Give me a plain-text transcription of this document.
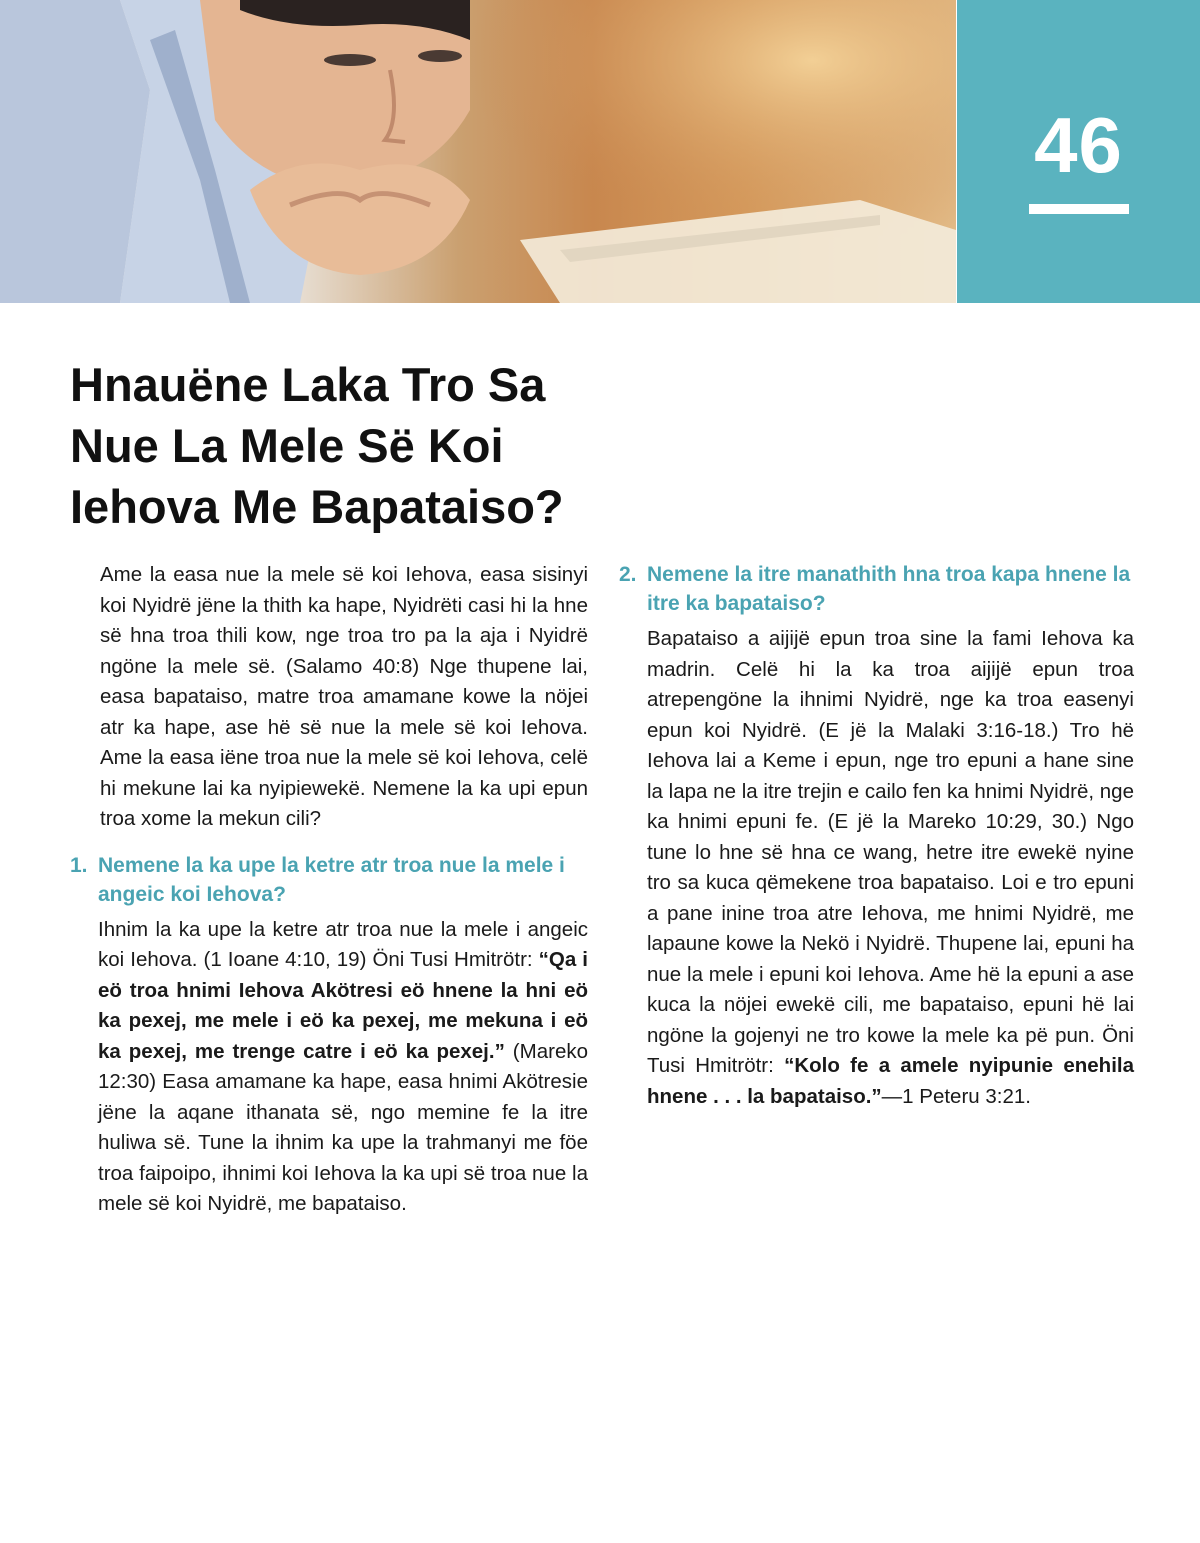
46
Hnauëne Laka Tro Sa Nue La Mele Së Koi Iehova Me Bapataiso?

Ame la easa nue la mele së koi Iehova, easa sisinyi koi Nyidrë jëne la thith ka hape, Nyidrëti casi hi la hne së hna troa thili kow, nge troa tro pa la aja i Nyidrë ngöne la mele së. (Salamo 40:8) Nge thupene lai, easa bapataiso, matre troa amamane kowe la nöjei atr ka hape, ase hë së nue la mele së koi Iehova. Ame la easa iëne troa nue la mele së koi Iehova, celë hi mekune lai ka nyipiewekë. Nemene la ka upi epun troa xome la mekun cili?

1. Nemene la ka upe la ketre atr troa nue la mele i angeic koi Iehova?

Ihnim la ka upe la ketre atr troa nue la mele i angeic koi Iehova. (1 Ioane 4:10, 19) Öni Tusi Hmitrötr: “Qa i eö troa hnimi Iehova Akötresi eö hnene la hni eö ka pexej, me mele i eö ka pexej, me mekuna i eö ka pexej, me trenge catre i eö ka pexej.” (Mareko 12:30) Easa amamane ka hape, easa hnimi Akötresie jëne la aqane ithanata së, ngo memine fe la itre huliwa së. Tune la ihnim ka upe la trahmanyi me föe troa faipoipo, ihnimi koi Iehova la ka upi së troa nue la mele së koi Nyidrë, me bapataiso.

2. Nemene la itre manathith hna troa kapa hnene la itre ka bapataiso?

Bapataiso a aijijë epun troa sine la fami Iehova ka madrin. Celë hi la ka troa aijijë epun troa atrepengöne la ihnimi Nyidrë, nge ka troa easenyi epun koi Nyidrë. (E jë la Malaki 3:16-18.) Tro hë Iehova lai a Keme i epun, nge tro epuni a hane sine la lapa ne la itre trejin e cailo fen ka hnimi Nyidrë, nge ka hnimi epuni fe. (E jë la Mareko 10:29, 30.) Ngo tune lo hne së hna ce wang, hetre itre ewekë nyine tro sa kuca qëmekene troa bapataiso. Loi e tro epuni a pane inine troa atre Iehova, me hnimi Nyidrë, me lapaune kowe la Nekö i Nyidrë. Thupene lai, epuni ha nue la mele i epuni koi Iehova. Ame hë la epuni a ase kuca la nöjei ewekë cili, me bapataiso, epuni hë lai ngöne la gojenyi ne tro kowe la mele ka pë pun. Öni Tusi Hmitrötr: “Kolo fe a amele nyipunie enehila hnene . . . la bapataiso.”—1 Peteru 3:21.
